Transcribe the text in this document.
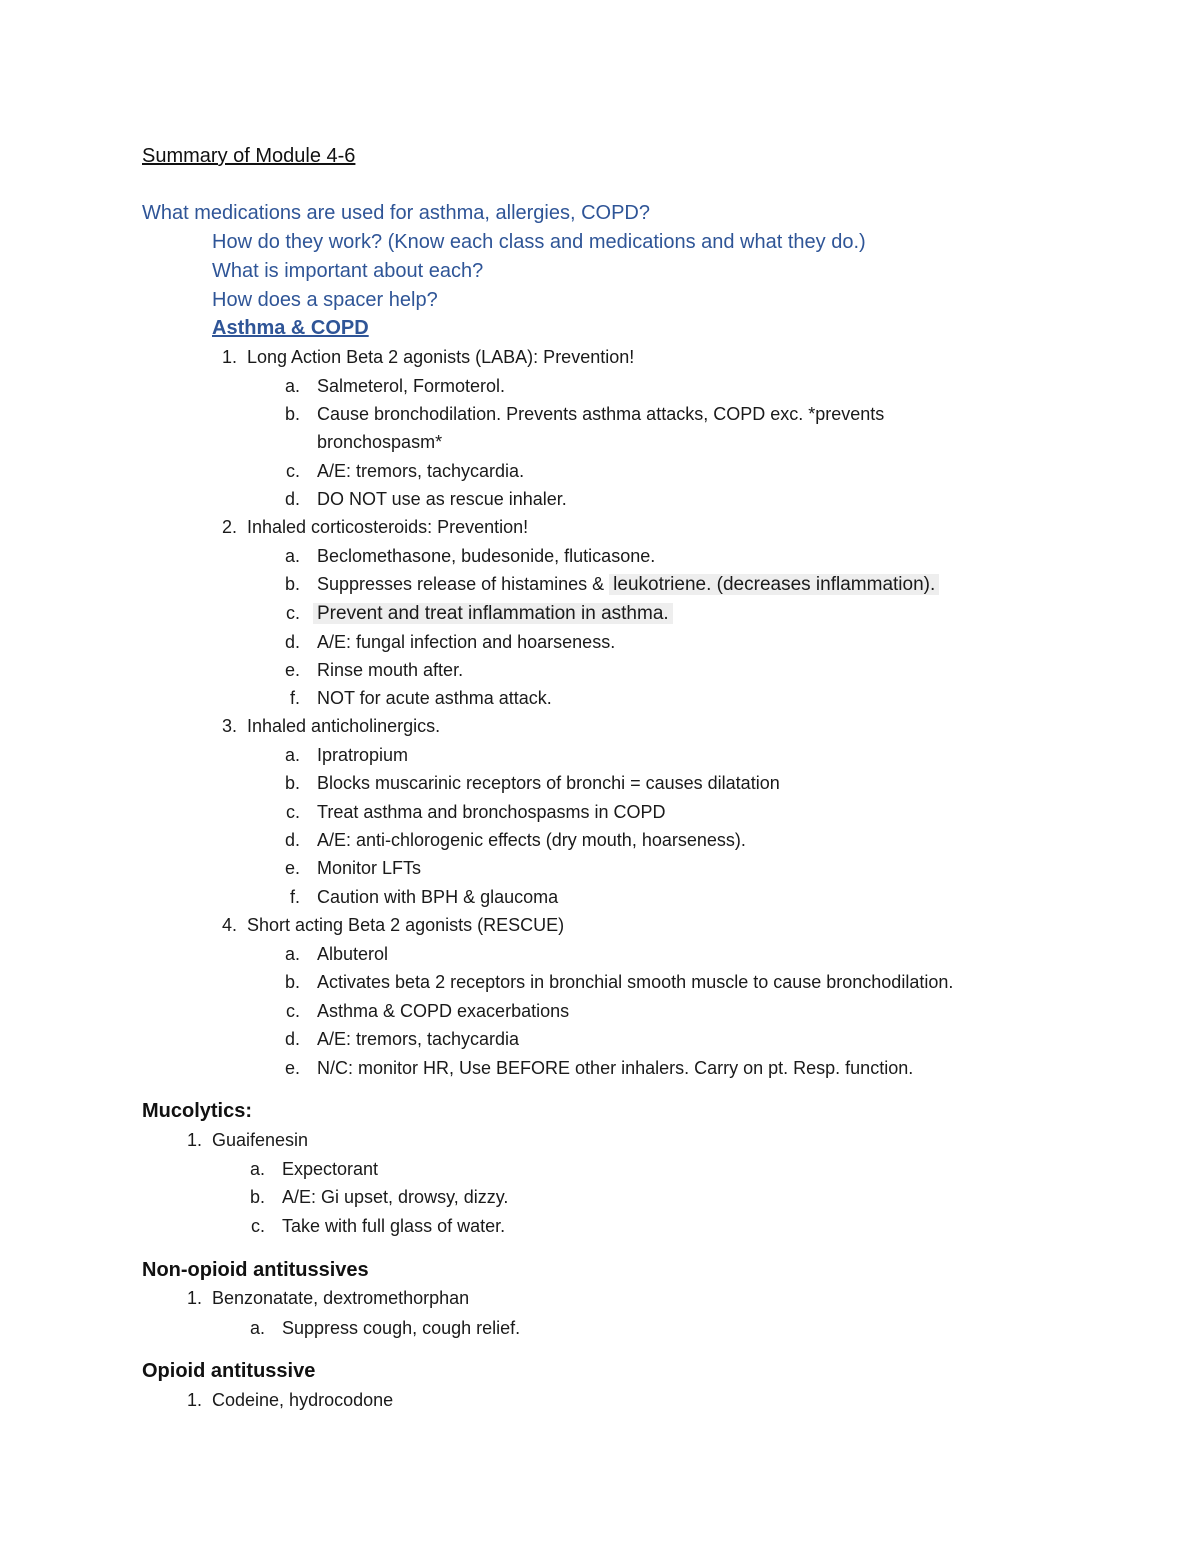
Summary of Module 4-6
What medications are used for asthma, allergies, COPD?
How do they work? (Know each class and medications and what they do.)
What is important about each?
How does a spacer help?
Asthma & COPD
1. Long Action Beta 2 agonists (LABA): Prevention!
a. Salmeterol, Formoterol.
b. Cause bronchodilation. Prevents asthma attacks, COPD exc. *prevents
bronchospasm*
c. A/E: tremors, tachycardia.
d. DO NOT use as rescue inhaler.
2. Inhaled corticosteroids: Prevention!
a. Beclomethasone, budesonide, fluticasone.
b. Suppresses release of histamines & leukotriene. (decreases inflammation).
c. Prevent and treat inflammation in asthma.
d. A/E: fungal infection and hoarseness.
e. Rinse mouth after.
f. NOT for acute asthma attack.
3. Inhaled anticholinergics.
a. Ipratropium
b. Blocks muscarinic receptors of bronchi = causes dilatation
c. Treat asthma and bronchospasms in COPD
d. A/E: anti-chlorogenic effects (dry mouth, hoarseness).
e. Monitor LFTs
f. Caution with BPH & glaucoma
4. Short acting Beta 2 agonists (RESCUE)
a. Albuterol
b. Activates beta 2 receptors in bronchial smooth muscle to cause bronchodilation.
c. Asthma & COPD exacerbations
d. A/E: tremors, tachycardia
e. N/C: monitor HR, Use BEFORE other inhalers. Carry on pt. Resp. function.
Mucolytics:
1. Guaifenesin
a. Expectorant
b. A/E: Gi upset, drowsy, dizzy.
c. Take with full glass of water.
Non-opioid antitussives
1. Benzonatate, dextromethorphan
a. Suppress cough, cough relief.
Opioid antitussive
1. Codeine, hydrocodone
